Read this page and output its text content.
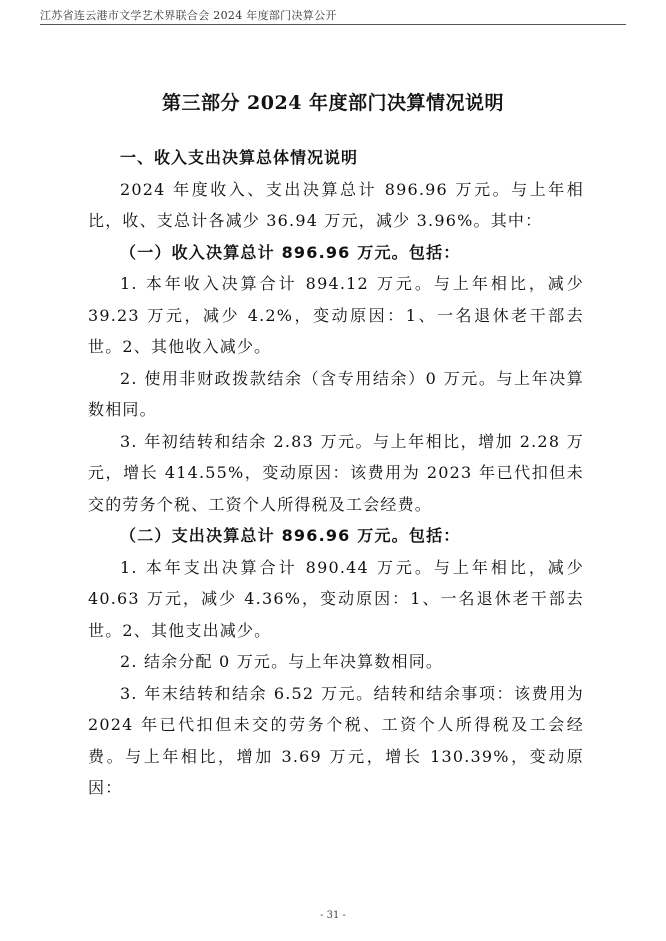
江苏省连云港市文学艺术界联合会 2024 年度部门决算公开
第三部分 2024 年度部门决算情况说明

一、收入支出决算总体情况说明

2024 年度收入、支出决算总计 896.96 万元。与上年相比，收、支总计各减少 36.94 万元，减少 3.96%。其中：

（一）收入决算总计 896.96 万元。包括：

1. 本年收入决算合计 894.12 万元。与上年相比，减少 39.23 万元，减少 4.2%，变动原因：1、一名退休老干部去世。2、其他收入减少。

2. 使用非财政拨款结余（含专用结余）0 万元。与上年决算数相同。

3. 年初结转和结余 2.83 万元。与上年相比，增加 2.28 万元，增长 414.55%，变动原因：该费用为 2023 年已代扣但未交的劳务个税、工资个人所得税及工会经费。

（二）支出决算总计 896.96 万元。包括：

1. 本年支出决算合计 890.44 万元。与上年相比，减少 40.63 万元，减少 4.36%，变动原因：1、一名退休老干部去世。2、其他支出减少。

2. 结余分配 0 万元。与上年决算数相同。

3. 年末结转和结余 6.52 万元。结转和结余事项：该费用为 2024 年已代扣但未交的劳务个税、工资个人所得税及工会经费。与上年相比，增加 3.69 万元，增长 130.39%，变动原因：

- 31 -
